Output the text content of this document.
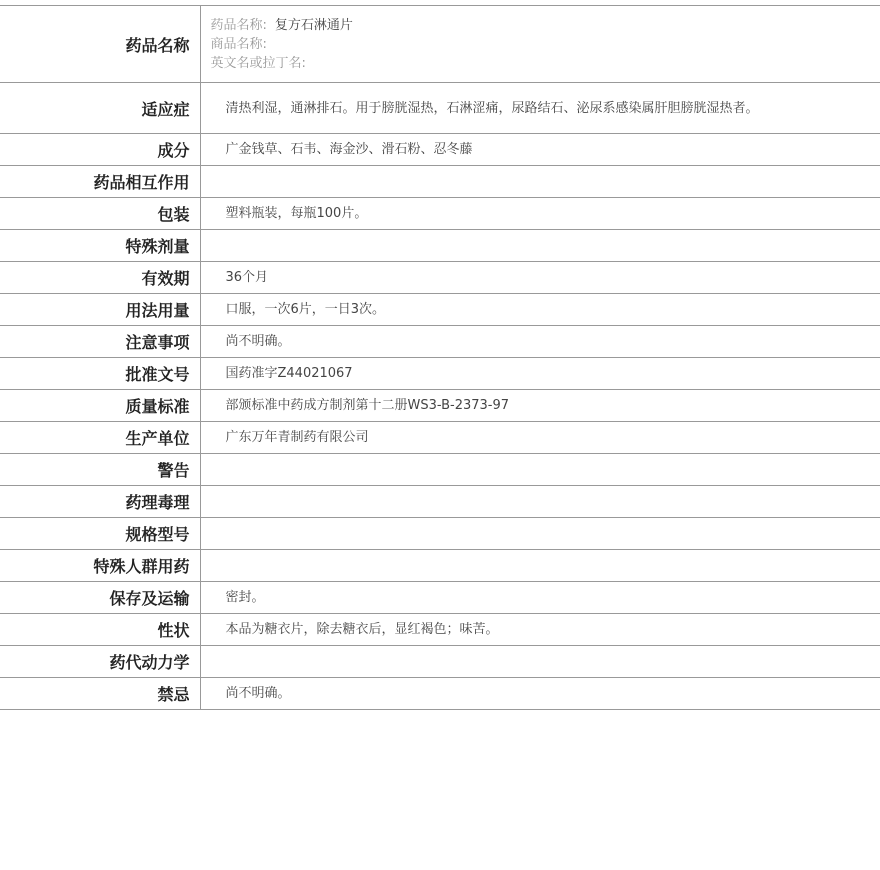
药品名称	药品名称: 复方石淋通片
商品名称:
英文名或拉丁名:

适应症	清热利湿，通淋排石。用于膀胱湿热，石淋涩痛，尿路结石、泌尿系感染属肝胆膀胱湿热者。

成分	广金钱草、石韦、海金沙、滑石粉、忍冬藤

药品相互作用	

包装	塑料瓶装，每瓶100片。

特殊剂量	

有效期	36个月

用法用量	口服，一次6片，一日3次。

注意事项	尚不明确。

批准文号	国药准字Z44021067

质量标准	部颁标准中药成方制剂第十二册WS3-B-2373-97

生产单位	广东万年青制药有限公司

警告	

药理毒理	

规格型号	

特殊人群用药	

保存及运输	密封。

性状	本品为糖衣片，除去糖衣后，显红褐色；味苦。

药代动力学	

禁忌	尚不明确。
